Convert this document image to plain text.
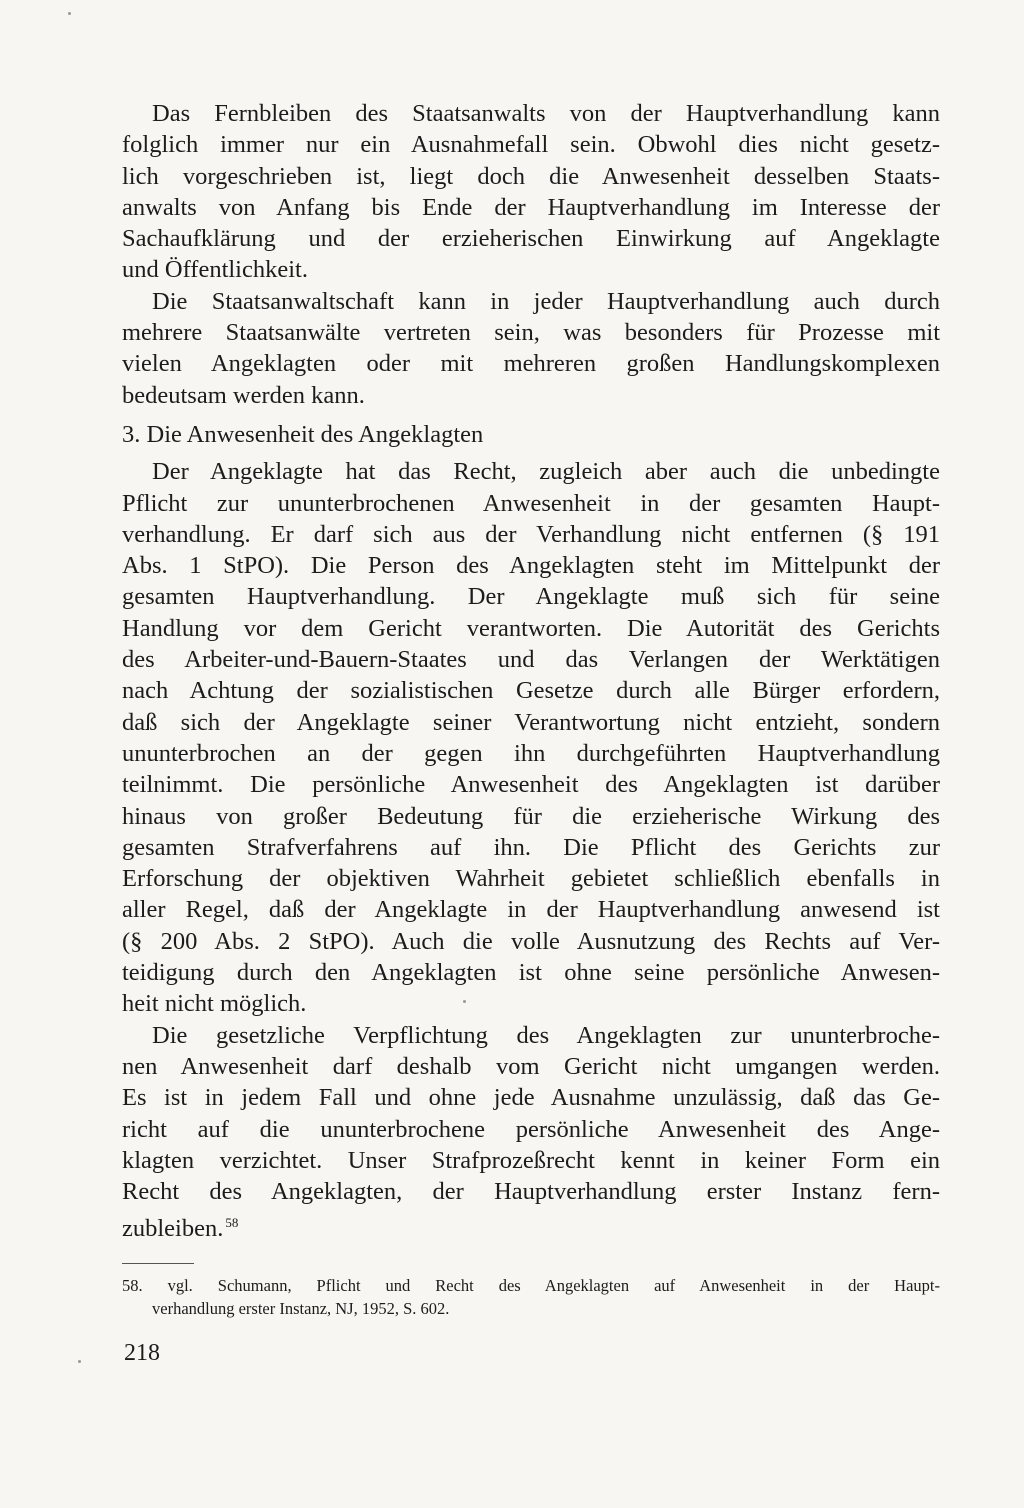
Das Fernbleiben des Staatsanwalts von der Hauptverhandlung kann
folglich immer nur ein Ausnahmefall sein. Obwohl dies nicht gesetz-
lich vorgeschrieben ist, liegt doch die Anwesenheit desselben Staats-
anwalts von Anfang bis Ende der Hauptverhandlung im Interesse der
Sachaufklärung und der erzieherischen Einwirkung auf Angeklagte
und Öffentlichkeit.
Die Staatsanwaltschaft kann in jeder Hauptverhandlung auch durch
mehrere Staatsanwälte vertreten sein, was besonders für Prozesse mit
vielen Angeklagten oder mit mehreren großen Handlungskomplexen
bedeutsam werden kann.
3. Die Anwesenheit des Angeklagten
Der Angeklagte hat das Recht, zugleich aber auch die unbedingte
Pflicht zur ununterbrochenen Anwesenheit in der gesamten Haupt-
verhandlung. Er darf sich aus der Verhandlung nicht entfernen (§ 191
Abs. 1 StPO). Die Person des Angeklagten steht im Mittelpunkt der
gesamten Hauptverhandlung. Der Angeklagte muß sich für seine
Handlung vor dem Gericht verantworten. Die Autorität des Gerichts
des Arbeiter-und-Bauern-Staates und das Verlangen der Werktätigen
nach Achtung der sozialistischen Gesetze durch alle Bürger erfordern,
daß sich der Angeklagte seiner Verantwortung nicht entzieht, sondern
ununterbrochen an der gegen ihn durchgeführten Hauptverhandlung
teilnimmt. Die persönliche Anwesenheit des Angeklagten ist darüber
hinaus von großer Bedeutung für die erzieherische Wirkung des
gesamten Strafverfahrens auf ihn. Die Pflicht des Gerichts zur
Erforschung der objektiven Wahrheit gebietet schließlich ebenfalls in
aller Regel, daß der Angeklagte in der Hauptverhandlung anwesend ist
(§ 200 Abs. 2 StPO). Auch die volle Ausnutzung des Rechts auf Ver-
teidigung durch den Angeklagten ist ohne seine persönliche Anwesen-
heit nicht möglich.
Die gesetzliche Verpflichtung des Angeklagten zur ununterbroche-
nen Anwesenheit darf deshalb vom Gericht nicht umgangen werden.
Es ist in jedem Fall und ohne jede Ausnahme unzulässig, daß das Ge-
richt auf die ununterbrochene persönliche Anwesenheit des Ange-
klagten verzichtet. Unser Strafprozeßrecht kennt in keiner Form ein
Recht des Angeklagten, der Hauptverhandlung erster Instanz fern-
zubleiben. $^{58}$
58. vgl. Schumann, Pflicht und Recht des Angeklagten auf Anwesenheit in der Haupt-
verhandlung erster Instanz, NJ, 1952, S. 602.
218
